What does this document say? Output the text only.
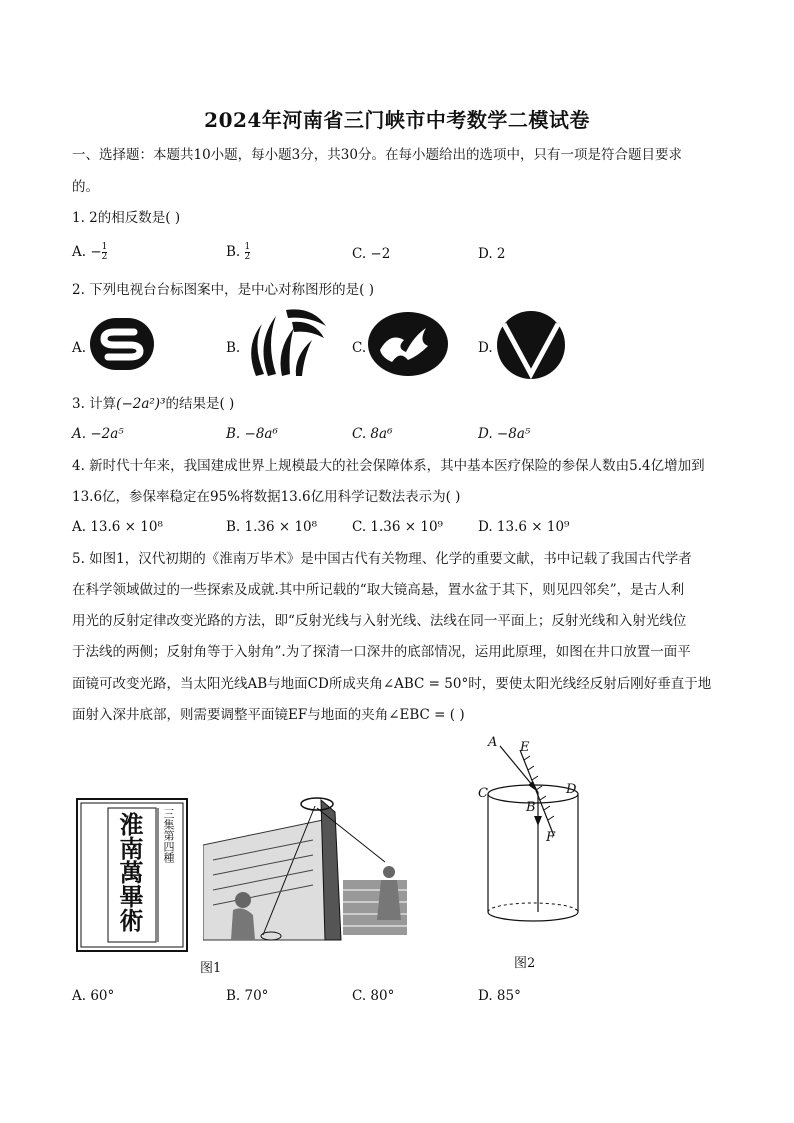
2024年河南省三门峡市中考数学二模试卷
一、选择题：本题共10小题，每小题3分，共30分。在每小题给出的选项中，只有一项是符合题目要求
的。
1. 2的相反数是( )
A. − $\frac{1}{2}$	B. $\frac{1}{2}$	C. −2	D. 2
2. 下列电视台台标图案中，是中心对称图形的是( )
A.	B.	C.	D.
3. 计算(−2a²)³的结果是( )
A. −2a⁵	B. −8a⁶	C. 8a⁶	D. −8a⁵
4. 新时代十年来，我国建成世界上规模最大的社会保障体系，其中基本医疗保险的参保人数由5.4亿增加到
13.6亿，参保率稳定在95%将数据13.6亿用科学记数法表示为( )
A. 13.6 × 10⁸	B. 1.36 × 10⁸	C. 1.36 × 10⁹	D. 13.6 × 10⁹
5. 如图1，汉代初期的《淮南万毕术》是中国古代有关物理、化学的重要文献，书中记载了我国古代学者
在科学领域做过的一些探索及成就.其中所记载的“取大镜高悬，置水盆于其下，则见四邻矣”，是古人利
用光的反射定律改变光路的方法，即“反射光线与入射光线、法线在同一平面上；反射光线和入射光线位
于法线的两侧；反射角等于入射角”.为了探清一口深井的底部情况，运用此原理，如图在井口放置一面平
面镜可改变光路，当太阳光线AB与地面CD所成夹角∠ABC = 50°时，要使太阳光线经反射后刚好垂直于地
面射入深井底部，则需要调整平面镜EF与地面的夹角∠EBC = ( )
淮南萬畢術 三集第四種
图1
A E
C	D
B
F
图2
A. 60°	B. 70°	C. 80°	D. 85°
